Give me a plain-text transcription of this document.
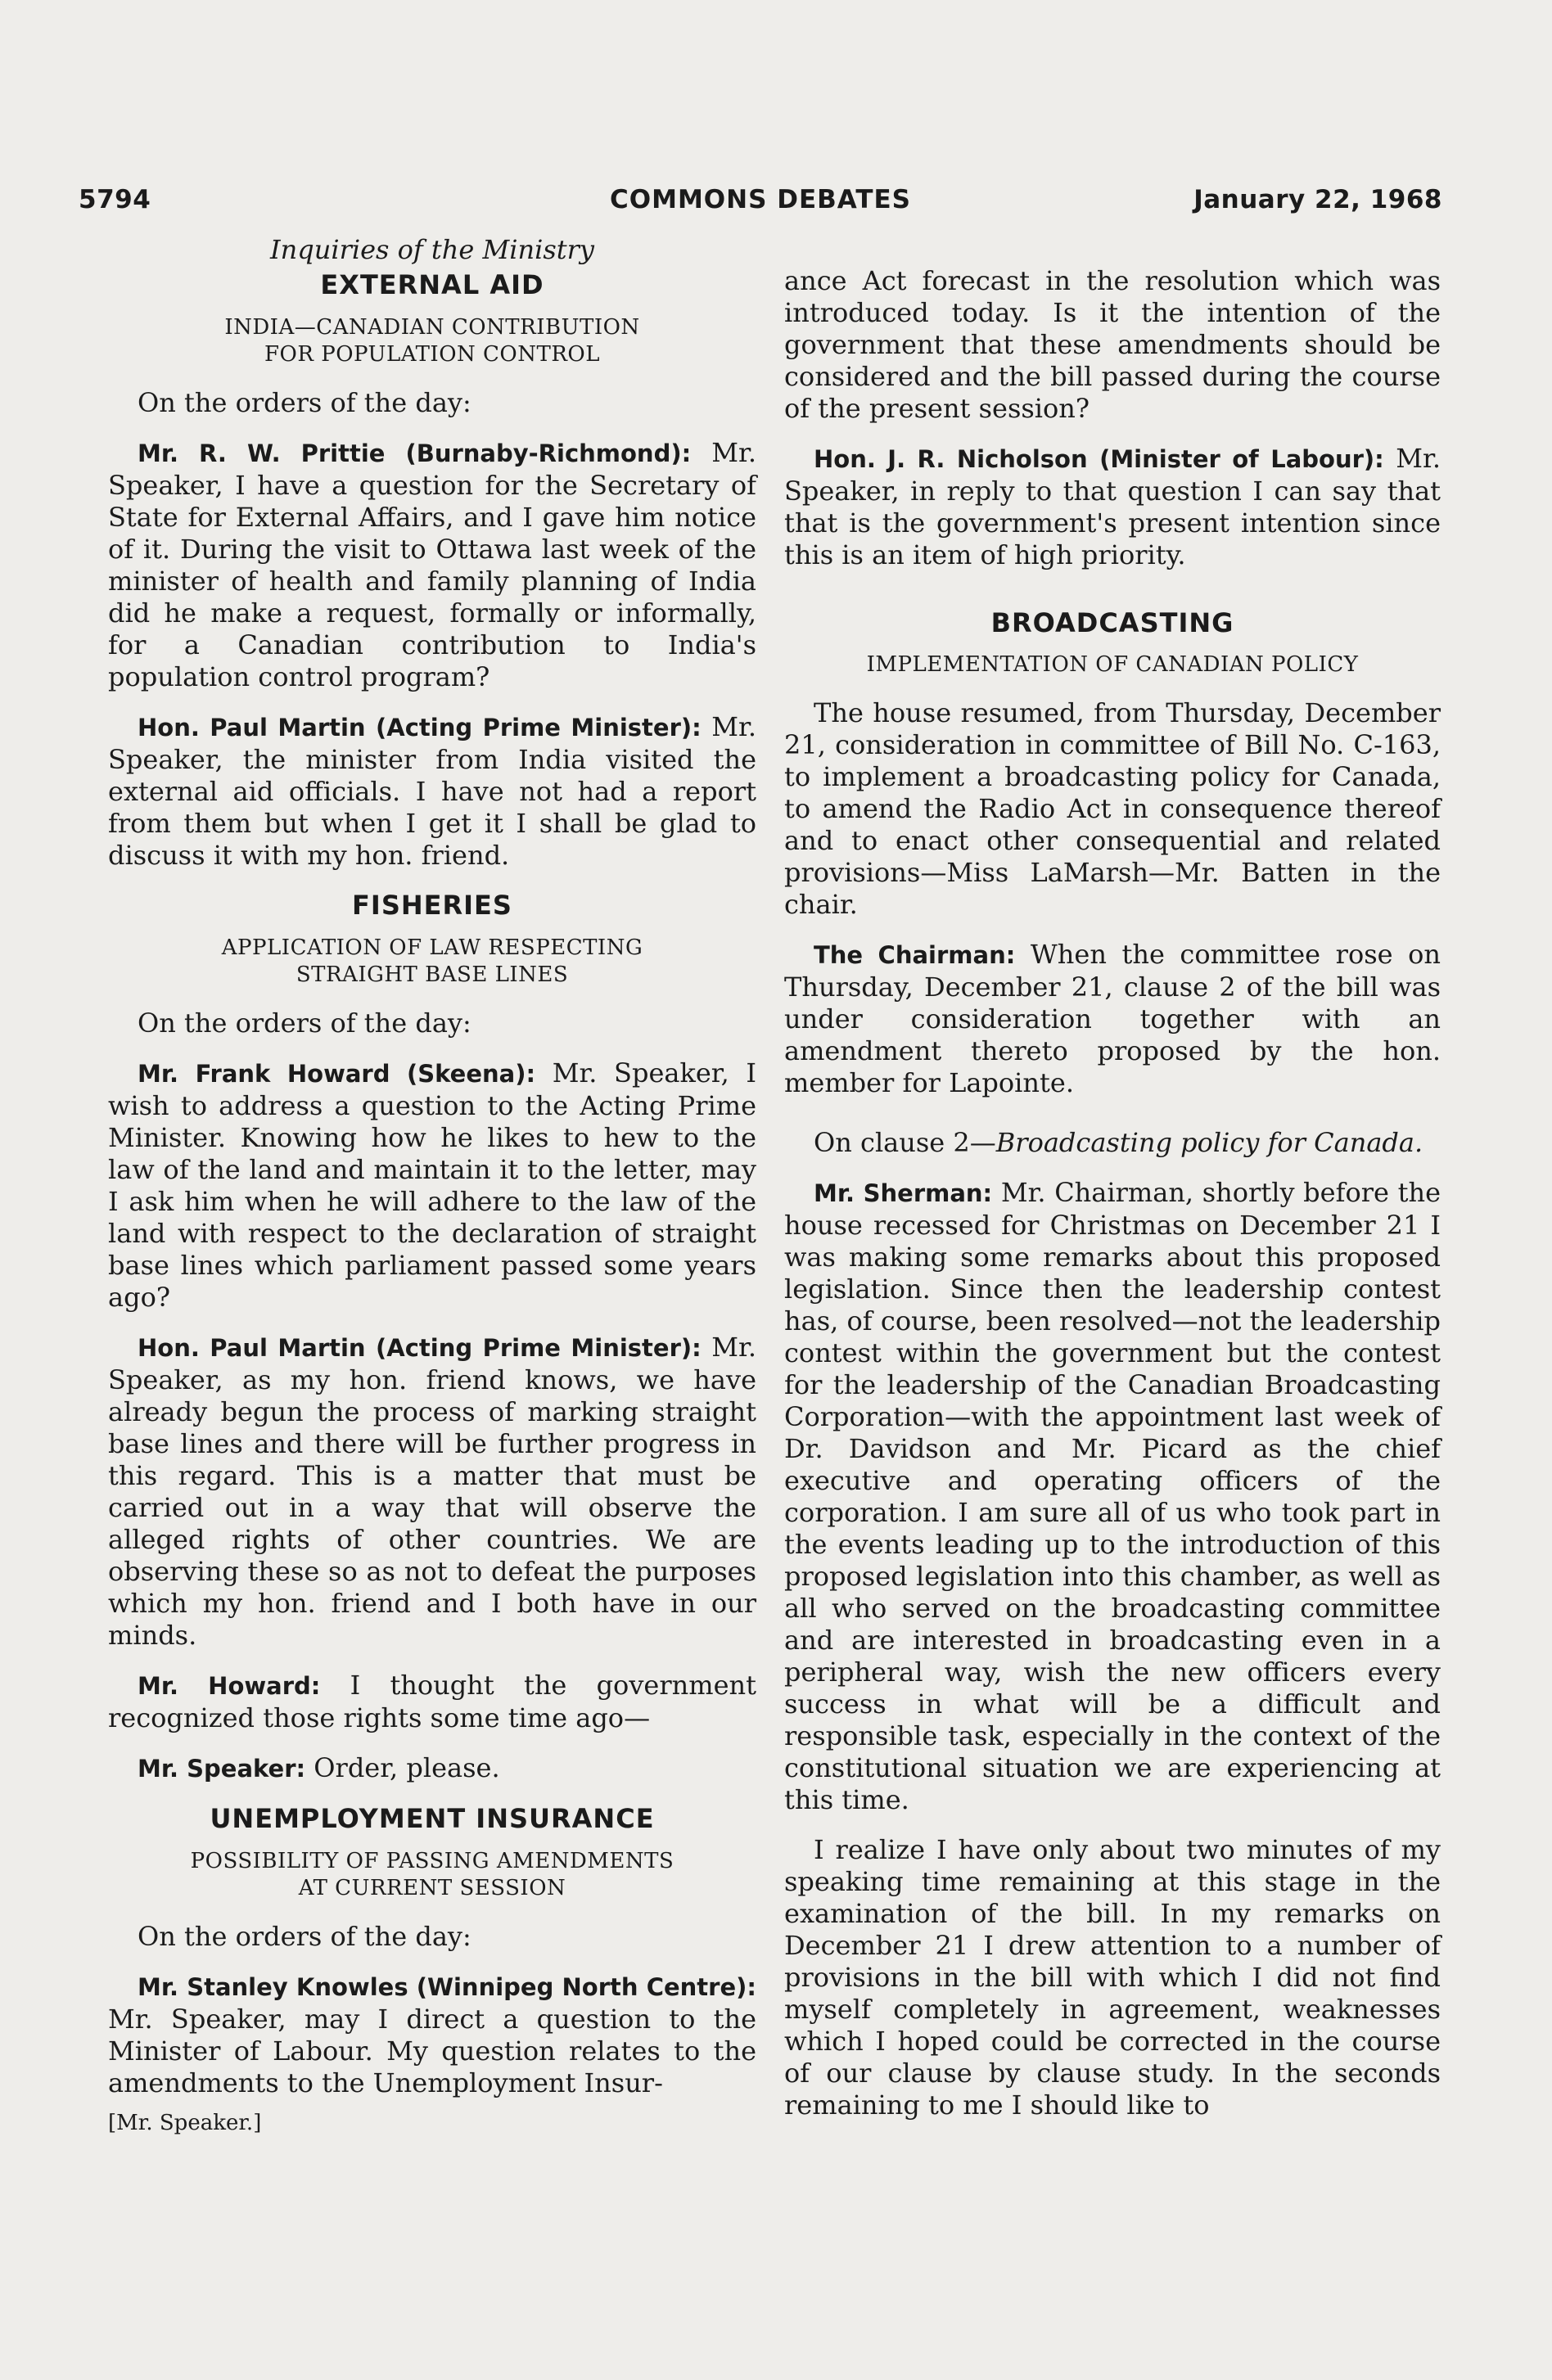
5794	COMMONS DEBATES	January 22, 1968
Inquiries of the Ministry
EXTERNAL AID
INDIA—CANADIAN CONTRIBUTION
FOR POPULATION CONTROL

On the orders of the day:

Mr. R. W. Prittie (Burnaby-Richmond): Mr. Speaker, I have a question for the Secretary of State for External Affairs, and I gave him notice of it. During the visit to Ottawa last week of the minister of health and family planning of India did he make a request, formally or informally, for a Canadian contribution to India's population control program?

Hon. Paul Martin (Acting Prime Minister): Mr. Speaker, the minister from India visited the external aid officials. I have not had a report from them but when I get it I shall be glad to discuss it with my hon. friend.

FISHERIES
APPLICATION OF LAW RESPECTING
STRAIGHT BASE LINES

On the orders of the day:

Mr. Frank Howard (Skeena): Mr. Speaker, I wish to address a question to the Acting Prime Minister. Knowing how he likes to hew to the law of the land and maintain it to the letter, may I ask him when he will adhere to the law of the land with respect to the declaration of straight base lines which parliament passed some years ago?

Hon. Paul Martin (Acting Prime Minister): Mr. Speaker, as my hon. friend knows, we have already begun the process of marking straight base lines and there will be further progress in this regard. This is a matter that must be carried out in a way that will observe the alleged rights of other countries. We are observing these so as not to defeat the purposes which my hon. friend and I both have in our minds.

Mr. Howard: I thought the government recognized those rights some time ago—

Mr. Speaker: Order, please.

UNEMPLOYMENT INSURANCE
POSSIBILITY OF PASSING AMENDMENTS
AT CURRENT SESSION

On the orders of the day:

Mr. Stanley Knowles (Winnipeg North Centre): Mr. Speaker, may I direct a question to the Minister of Labour. My question relates to the amendments to the Unemployment Insur-

[Mr. Speaker.]

ance Act forecast in the resolution which was introduced today. Is it the intention of the government that these amendments should be considered and the bill passed during the course of the present session?

Hon. J. R. Nicholson (Minister of Labour): Mr. Speaker, in reply to that question I can say that that is the government's present intention since this is an item of high priority.

BROADCASTING
IMPLEMENTATION OF CANADIAN POLICY

The house resumed, from Thursday, December 21, consideration in committee of Bill No. C-163, to implement a broadcasting policy for Canada, to amend the Radio Act in consequence thereof and to enact other consequential and related provisions—Miss LaMarsh—Mr. Batten in the chair.

The Chairman: When the committee rose on Thursday, December 21, clause 2 of the bill was under consideration together with an amendment thereto proposed by the hon. member for Lapointe.

On clause 2—Broadcasting policy for Canada.

Mr. Sherman: Mr. Chairman, shortly before the house recessed for Christmas on December 21 I was making some remarks about this proposed legislation. Since then the leadership contest has, of course, been resolved—not the leadership contest within the government but the contest for the leadership of the Canadian Broadcasting Corporation—with the appointment last week of Dr. Davidson and Mr. Picard as the chief executive and operating officers of the corporation. I am sure all of us who took part in the events leading up to the introduction of this proposed legislation into this chamber, as well as all who served on the broadcasting committee and are interested in broadcasting even in a peripheral way, wish the new officers every success in what will be a difficult and responsible task, especially in the context of the constitutional situation we are experiencing at this time.

I realize I have only about two minutes of my speaking time remaining at this stage in the examination of the bill. In my remarks on December 21 I drew attention to a number of provisions in the bill with which I did not find myself completely in agreement, weaknesses which I hoped could be corrected in the course of our clause by clause study. In the seconds remaining to me I should like to
